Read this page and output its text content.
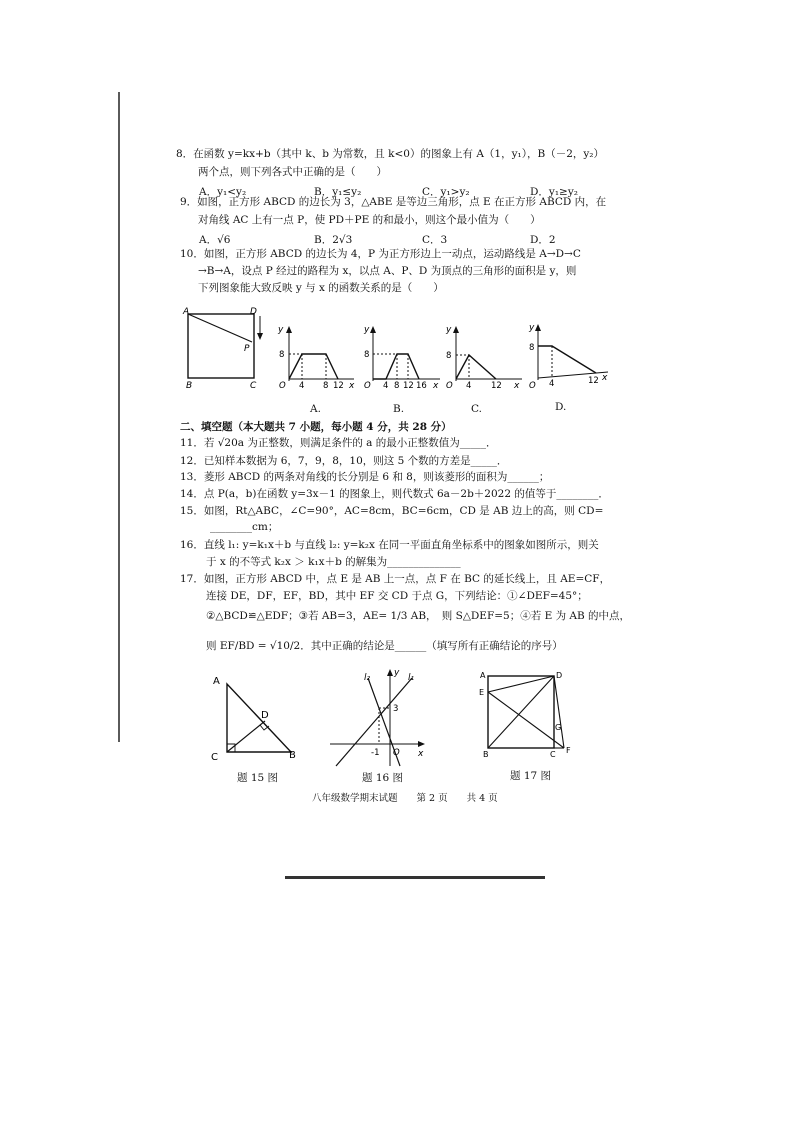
8．在函数 y=kx+b（其中 k、b 为常数，且 k<0）的图象上有 A（1，y₁），B（－2，y₂）
两个点，则下列各式中正确的是（　　）
A．y₁<y₂	B．y₁≤y₂	C．y₁>y₂	D．y₁≥y₂
9．如图，正方形 ABCD 的边长为 3，△ABE 是等边三角形，点 E 在正方形 ABCD 内，在
对角线 AC 上有一点 P，使 PD＋PE 的和最小，则这个最小值为（　　）
A．√6	B．2√3	C．3	D．2
10．如图，正方形 ABCD 的边长为 4，P 为正方形边上一动点，运动路线是 A→D→C
→B→A，设点 P 经过的路程为 x，以点 A、P、D 为顶点的三角形的面积是 y，则
下列图象能大致反映 y 与 x 的函数关系的是（　　）
A	D
P
B	C
y
8
O 4 8 12 x
y
8
O 4 8 12 16 x
y
8
O 4 12 x
y
8
O 4	12 x
A.	B.	C.	D.
二、填空题（本大题共 7 小题，每小题 4 分，共 28 分）
11．若 √20a 为正整数，则满足条件的 a 的最小正整数值为_____．
12．已知样本数据为 6，7，9，8，10，则这 5 个数的方差是_____．
13．菱形 ABCD 的两条对角线的长分别是 6 和 8，则该菱形的面积为______；
14．点 P(a，b)在函数 y=3x－1 的图象上，则代数式 6a－2b＋2022 的值等于________．
15．如图，Rt△ABC，∠C=90°，AC=8cm，BC=6cm，CD 是 AB 边上的高，则 CD=
________cm；
16．直线 l₁: y=k₁x＋b 与直线 l₂: y=k₂x 在同一平面直角坐标系中的图象如图所示，则关
于 x 的不等式 k₂x ＞ k₁x＋b 的解集为______________
17．如图，正方形 ABCD 中，点 E 是 AB 上一点，点 F 在 BC 的延长线上，且 AE=CF，
连接 DE，DF，EF，BD，其中 EF 交 CD 于点 G，下列结论：①∠DEF=45°；
②△BCD≌△EDF；③若 AB=3，AE= 1/3 AB，　则 S△DEF=5；④若 E 为 AB 的中点，
则 EF/BD = √10/2．其中正确的结论是______（填写所有正确结论的序号）
A
D
C	B
题 15 图
l₂	l₁
y
x
3
-1 O
题 16 图
A	D
E
G
B	C F
题 17 图
八年级数学期末试题　　第 2 页　　共 4 页
